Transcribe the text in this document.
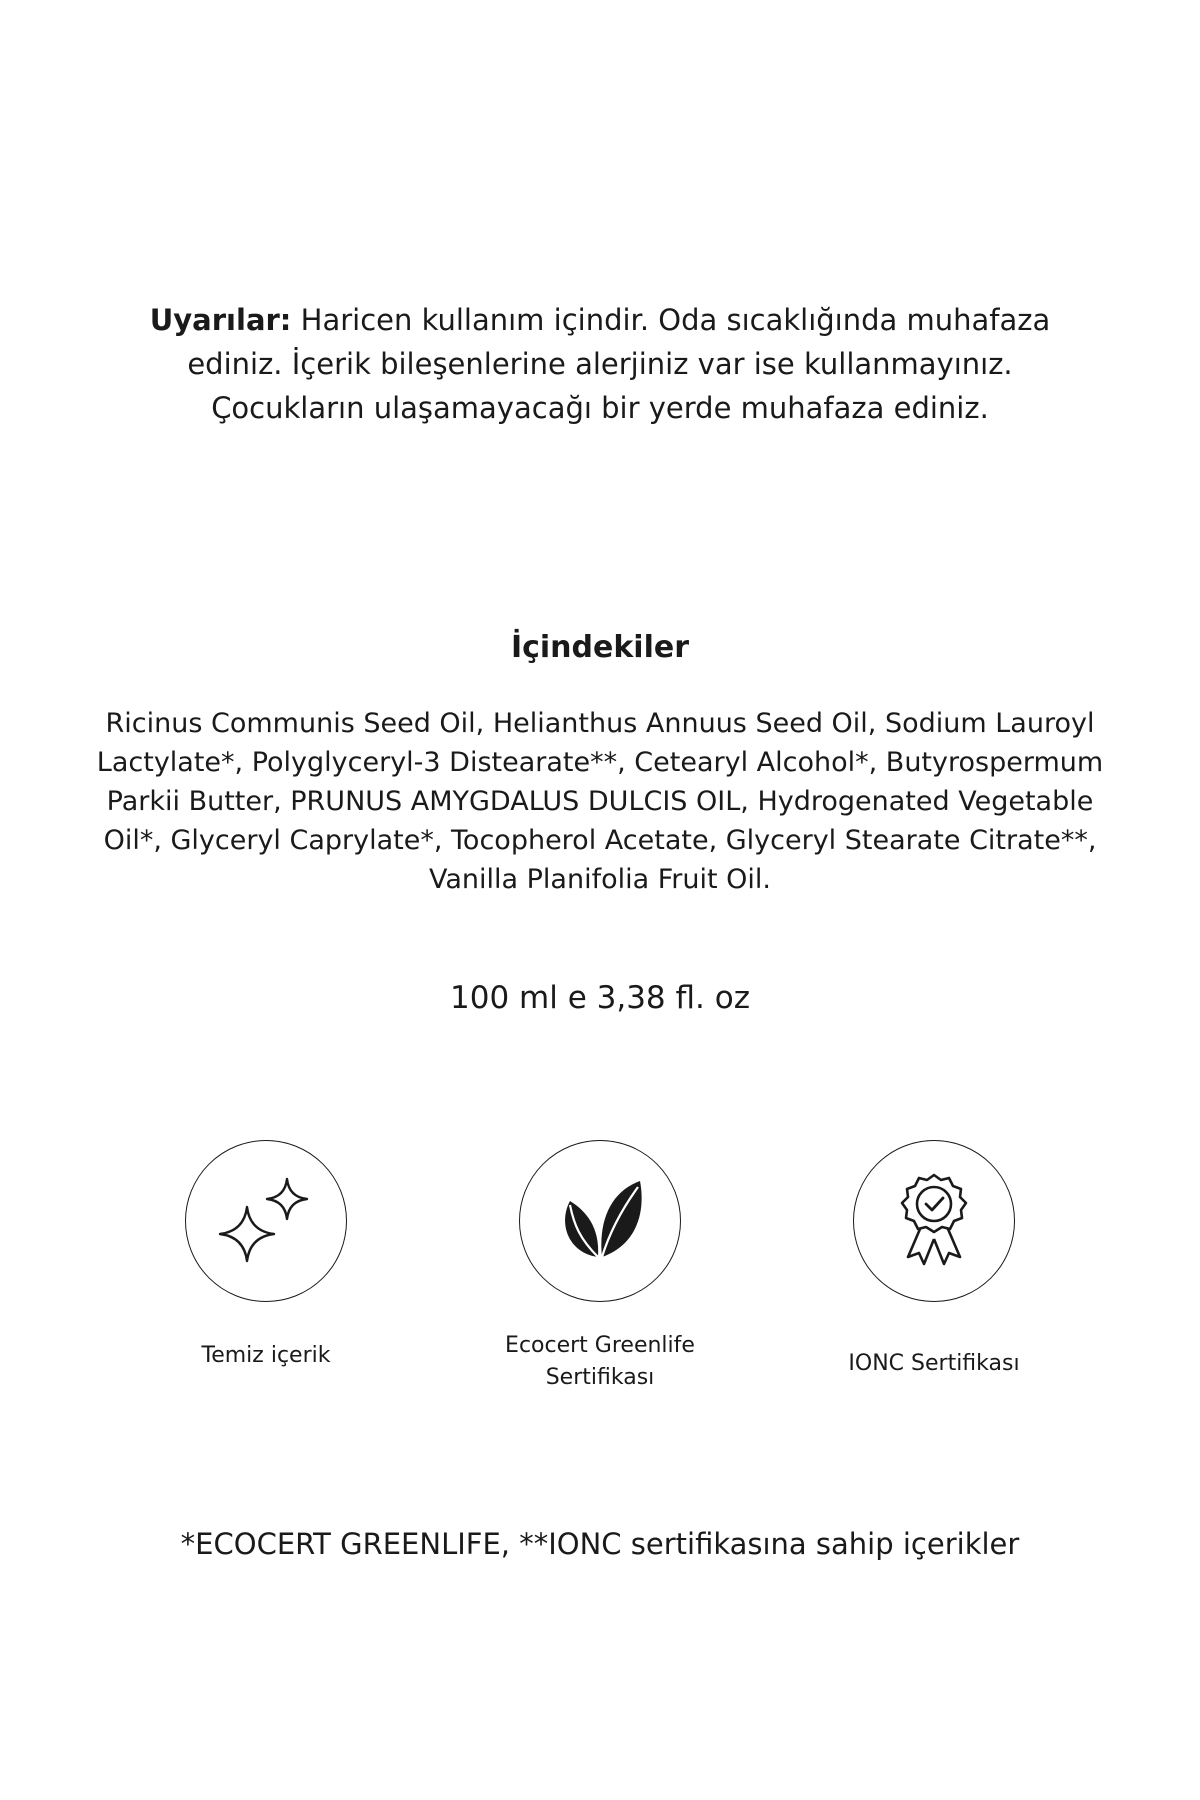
Uyarılar: Haricen kullanım içindir. Oda sıcaklığında muhafaza ediniz. İçerik bileşenlerine alerjiniz var ise kullanmayınız. Çocukların ulaşamayacağı bir yerde muhafaza ediniz.
İçindekiler
Ricinus Communis Seed Oil, Helianthus Annuus Seed Oil, Sodium Lauroyl Lactylate*, Polyglyceryl-3 Distearate**, Cetearyl Alcohol*, Butyrospermum Parkii Butter, PRUNUS AMYGDALUS DULCIS OIL, Hydrogenated Vegetable Oil*, Glyceryl Caprylate*, Tocopherol Acetate, Glyceryl Stearate Citrate**, Vanilla Planifolia Fruit Oil.
100 ml e 3,38 fl. oz
Temiz içerik	Ecocert Greenlife
Sertifikası
IONC Sertifikası
*ECOCERT GREENLIFE, **IONC sertifikasına sahip içerikler
